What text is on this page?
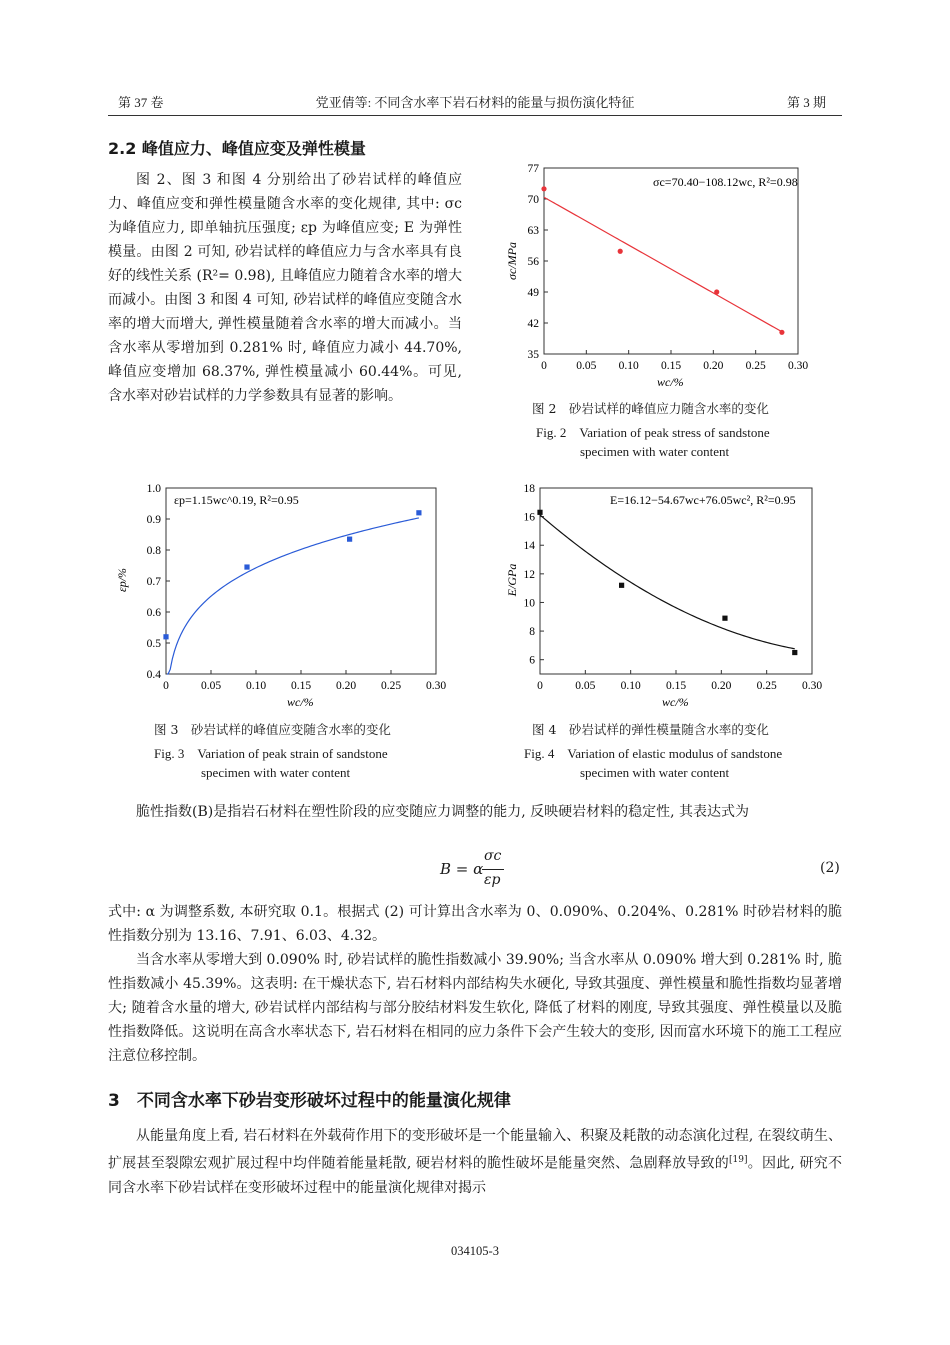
第 37 卷	党亚倩等: 不同含水率下岩石材料的能量与损伤演化特征	第 3 期
2.2 峰值应力、峰值应变及弹性模量

图 2、图 3 和图 4 分别给出了砂岩试样的峰值应力、峰值应变和弹性模量随含水率的变化规律, 其中: σc 为峰值应力, 即单轴抗压强度; εp 为峰值应变; E 为弹性模量。由图 2 可知, 砂岩试样的峰值应力与含水率具有良好的线性关系 (R²= 0.98), 且峰值应力随着含水率的增大而减小。由图 3 和图 4 可知, 砂岩试样的峰值应变随含水率的增大而增大, 弹性模量随着含水率的增大而减小。当含水率从零增加到 0.281% 时, 峰值应力减小 44.70%, 峰值应变增加 68.37%, 弹性模量减小 60.44%。可见, 含水率对砂岩试样的力学参数具有显著的影响。

0	0.05 0.10 0.15 0.20 0.25 0.30
35
42
49
56
63
70
77
wc/%
σc/MPa
σc=70.40−108.12wc, R²=0.98
图 2　砂岩试样的峰值应力随含水率的变化
Fig. 2　Variation of peak stress of sandstone
specimen with water content
0	0.05 0.10 0.15 0.20 0.25 0.30
0.4
0.5
0.6
0.7
0.8
0.9
1.0
wc/%
εp/%
εp=1.15wc^0.19, R²=0.95
图 3　砂岩试样的峰值应变随含水率的变化
Fig. 3　Variation of peak strain of sandstone
specimen with water content
0	0.05 0.10 0.15 0.20 0.25 0.30
6
8
10
12
14
16
18
wc/%
E/GPa
E=16.12−54.67wc+76.05wc², R²=0.95
图 4　砂岩试样的弹性模量随含水率的变化
Fig. 4　Variation of elastic modulus of sandstone
specimen with water content

脆性指数(B)是指岩石材料在塑性阶段的应变随应力调整的能力, 反映硬岩材料的稳定性, 其表达式为

B = α
σc
εp
(2)

式中: α 为调整系数, 本研究取 0.1。根据式 (2) 可计算出含水率为 0、0.090%、0.204%、0.281% 时砂岩材料的脆性指数分别为 13.16、7.91、6.03、4.32。

当含水率从零增大到 0.090% 时, 砂岩试样的脆性指数减小 39.90%; 当含水率从 0.090% 增大到 0.281% 时, 脆性指数减小 45.39%。这表明: 在干燥状态下, 岩石材料内部结构失水硬化, 导致其强度、弹性模量和脆性指数均显著增大; 随着含水量的增大, 砂岩试样内部结构与部分胶结材料发生软化, 降低了材料的刚度, 导致其强度、弹性模量以及脆性指数降低。这说明在高含水率状态下, 岩石材料在相同的应力条件下会产生较大的变形, 因而富水环境下的施工工程应注意位移控制。

3　不同含水率下砂岩变形破坏过程中的能量演化规律

从能量角度上看, 岩石材料在外载荷作用下的变形破坏是一个能量输入、积聚及耗散的动态演化过程, 在裂纹萌生、扩展甚至裂隙宏观扩展过程中均伴随着能量耗散, 硬岩材料的脆性破坏是能量突然、急剧释放导致的[19]。因此, 研究不同含水率下砂岩试样在变形破坏过程中的能量演化规律对揭示

034105-3
